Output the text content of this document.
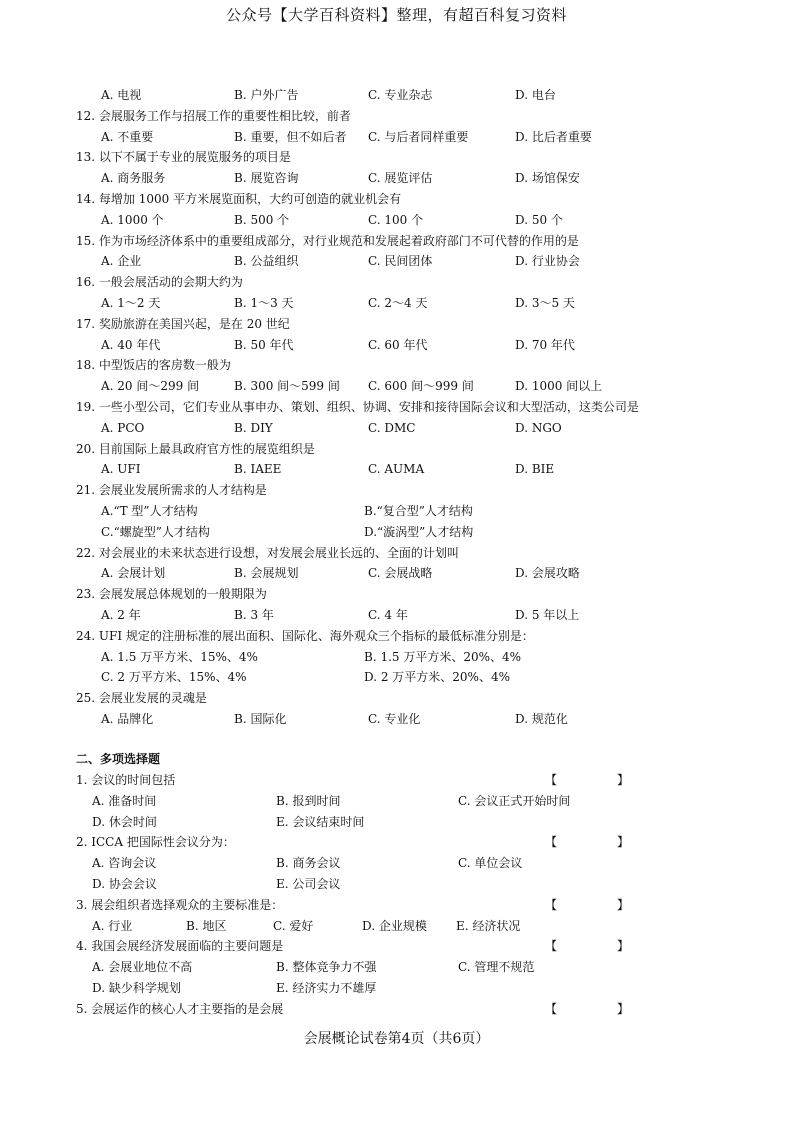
公众号【大学百科资料】整理，有超百科复习资料
A. 电视	B. 户外广告	C. 专业杂志	D. 电台
12. 会展服务工作与招展工作的重要性相比较，前者
A. 不重要	B. 重要，但不如后者 C. 与后者同样重要	D. 比后者重要
13. 以下不属于专业的展览服务的项目是
A. 商务服务	B. 展览咨询	C. 展览评估	D. 场馆保安
14. 每增加 1000 平方米展览面积，大约可创造的就业机会有
A. 1000 个	B. 500 个	C. 100 个	D. 50 个
15. 作为市场经济体系中的重要组成部分，对行业规范和发展起着政府部门不可代替的作用的是
A. 企业	B. 公益组织	C. 民间团体	D. 行业协会
16. 一般会展活动的会期大约为
A. 1～2 天	B. 1～3 天	C. 2～4 天	D. 3～5 天
17. 奖励旅游在美国兴起，是在 20 世纪
A. 40 年代	B. 50 年代	C. 60 年代	D. 70 年代
18. 中型饭店的客房数一般为
A. 20 间～299 间	B. 300 间～599 间 C. 600 间～999 间	D. 1000 间以上
19. 一些小型公司，它们专业从事申办、策划、组织、协调、安排和接待国际会议和大型活动，这类公司是
A. PCO	B. DIY	C. DMC	D. NGO
20. 目前国际上最具政府官方性的展览组织是
A. UFI	B. IAEE	C. AUMA	D. BIE
21. 会展业发展所需求的人才结构是
A.“T 型”人才结构	B.“复合型”人才结构
C.“螺旋型”人才结构	D.“漩涡型”人才结构
22. 对会展业的未来状态进行设想，对发展会展业长远的、全面的计划叫
A. 会展计划	B. 会展规划	C. 会展战略	D. 会展攻略
23. 会展发展总体规划的一般期限为
A. 2 年	B. 3 年	C. 4 年	D. 5 年以上
24. UFI 规定的注册标准的展出面积、国际化、海外观众三个指标的最低标准分别是：
A. 1.5 万平方米、15%、4%	B. 1.5 万平方米、20%、4%
C. 2 万平方米、15%、4%	D. 2 万平方米、20%、4%
25. 会展业发展的灵魂是
A. 品牌化	B. 国际化	C. 专业化	D. 规范化
二、多项选择题
1. 会议的时间包括	【　　　　　】
A. 准备时间	B. 报到时间	C. 会议正式开始时间
D. 休会时间	E. 会议结束时间
2. ICCA 把国际性会议分为：	【　　　　　】
A. 咨询会议	B. 商务会议	C. 单位会议
D. 协会会议	E. 公司会议
3. 展会组织者选择观众的主要标准是：	【　　　　　】
A. 行业	B. 地区	C. 爱好	D. 企业规模 E. 经济状况
4. 我国会展经济发展面临的主要问题是	【　　　　　】
A. 会展业地位不高	B. 整体竞争力不强	C. 管理不规范
D. 缺少科学规划	E. 经济实力不雄厚
5. 会展运作的核心人才主要指的是会展	【　　　　　】
会展概论试卷第4页（共6页）
